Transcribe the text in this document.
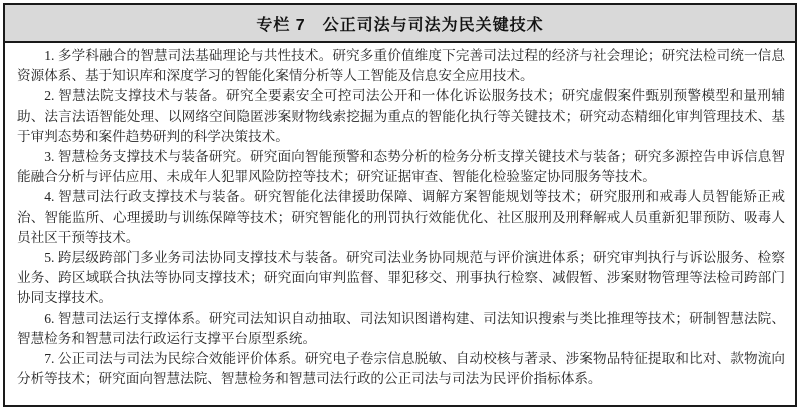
专栏 7　公正司法与司法为民关键技术

1. 多学科融合的智慧司法基础理论与共性技术。研究多重价值维度下完善司法过程的经济与社会理论；研究法检司统一信息资源体系、基于知识库和深度学习的智能化案情分析等人工智能及信息安全应用技术。

2. 智慧法院支撑技术与装备。研究全要素安全可控司法公开和一体化诉讼服务技术；研究虚假案件甄别预警模型和量刑辅助、法言法语智能处理、以网络空间隐匿涉案财物线索挖掘为重点的智能化执行等关键技术；研究动态精细化审判管理技术、基于审判态势和案件趋势研判的科学决策技术。

3. 智慧检务支撑技术与装备研究。研究面向智能预警和态势分析的检务分析支撑关键技术与装备；研究多源控告申诉信息智能融合分析与评估应用、未成年人犯罪风险防控等技术；研究证据审查、智能化检验鉴定协同服务等技术。

4. 智慧司法行政支撑技术与装备。研究智能化法律援助保障、调解方案智能规划等技术；研究服刑和戒毒人员智能矫正戒治、智能监所、心理援助与训练保障等技术；研究智能化的刑罚执行效能优化、社区服刑及刑释解戒人员重新犯罪预防、吸毒人员社区干预等技术。

5. 跨层级跨部门多业务司法协同支撑技术与装备。研究司法业务协同规范与评价演进体系；研究审判执行与诉讼服务、检察业务、跨区域联合执法等协同支撑技术；研究面向审判监督、罪犯移交、刑事执行检察、减假暂、涉案财物管理等法检司跨部门协同支撑技术。

6. 智慧司法运行支撑体系。研究司法知识自动抽取、司法知识图谱构建、司法知识搜索与类比推理等技术；研制智慧法院、智慧检务和智慧司法行政运行支撑平台原型系统。

7. 公正司法与司法为民综合效能评价体系。研究电子卷宗信息脱敏、自动校核与著录、涉案物品特征提取和比对、款物流向分析等技术；研究面向智慧法院、智慧检务和智慧司法行政的公正司法与司法为民评价指标体系。
